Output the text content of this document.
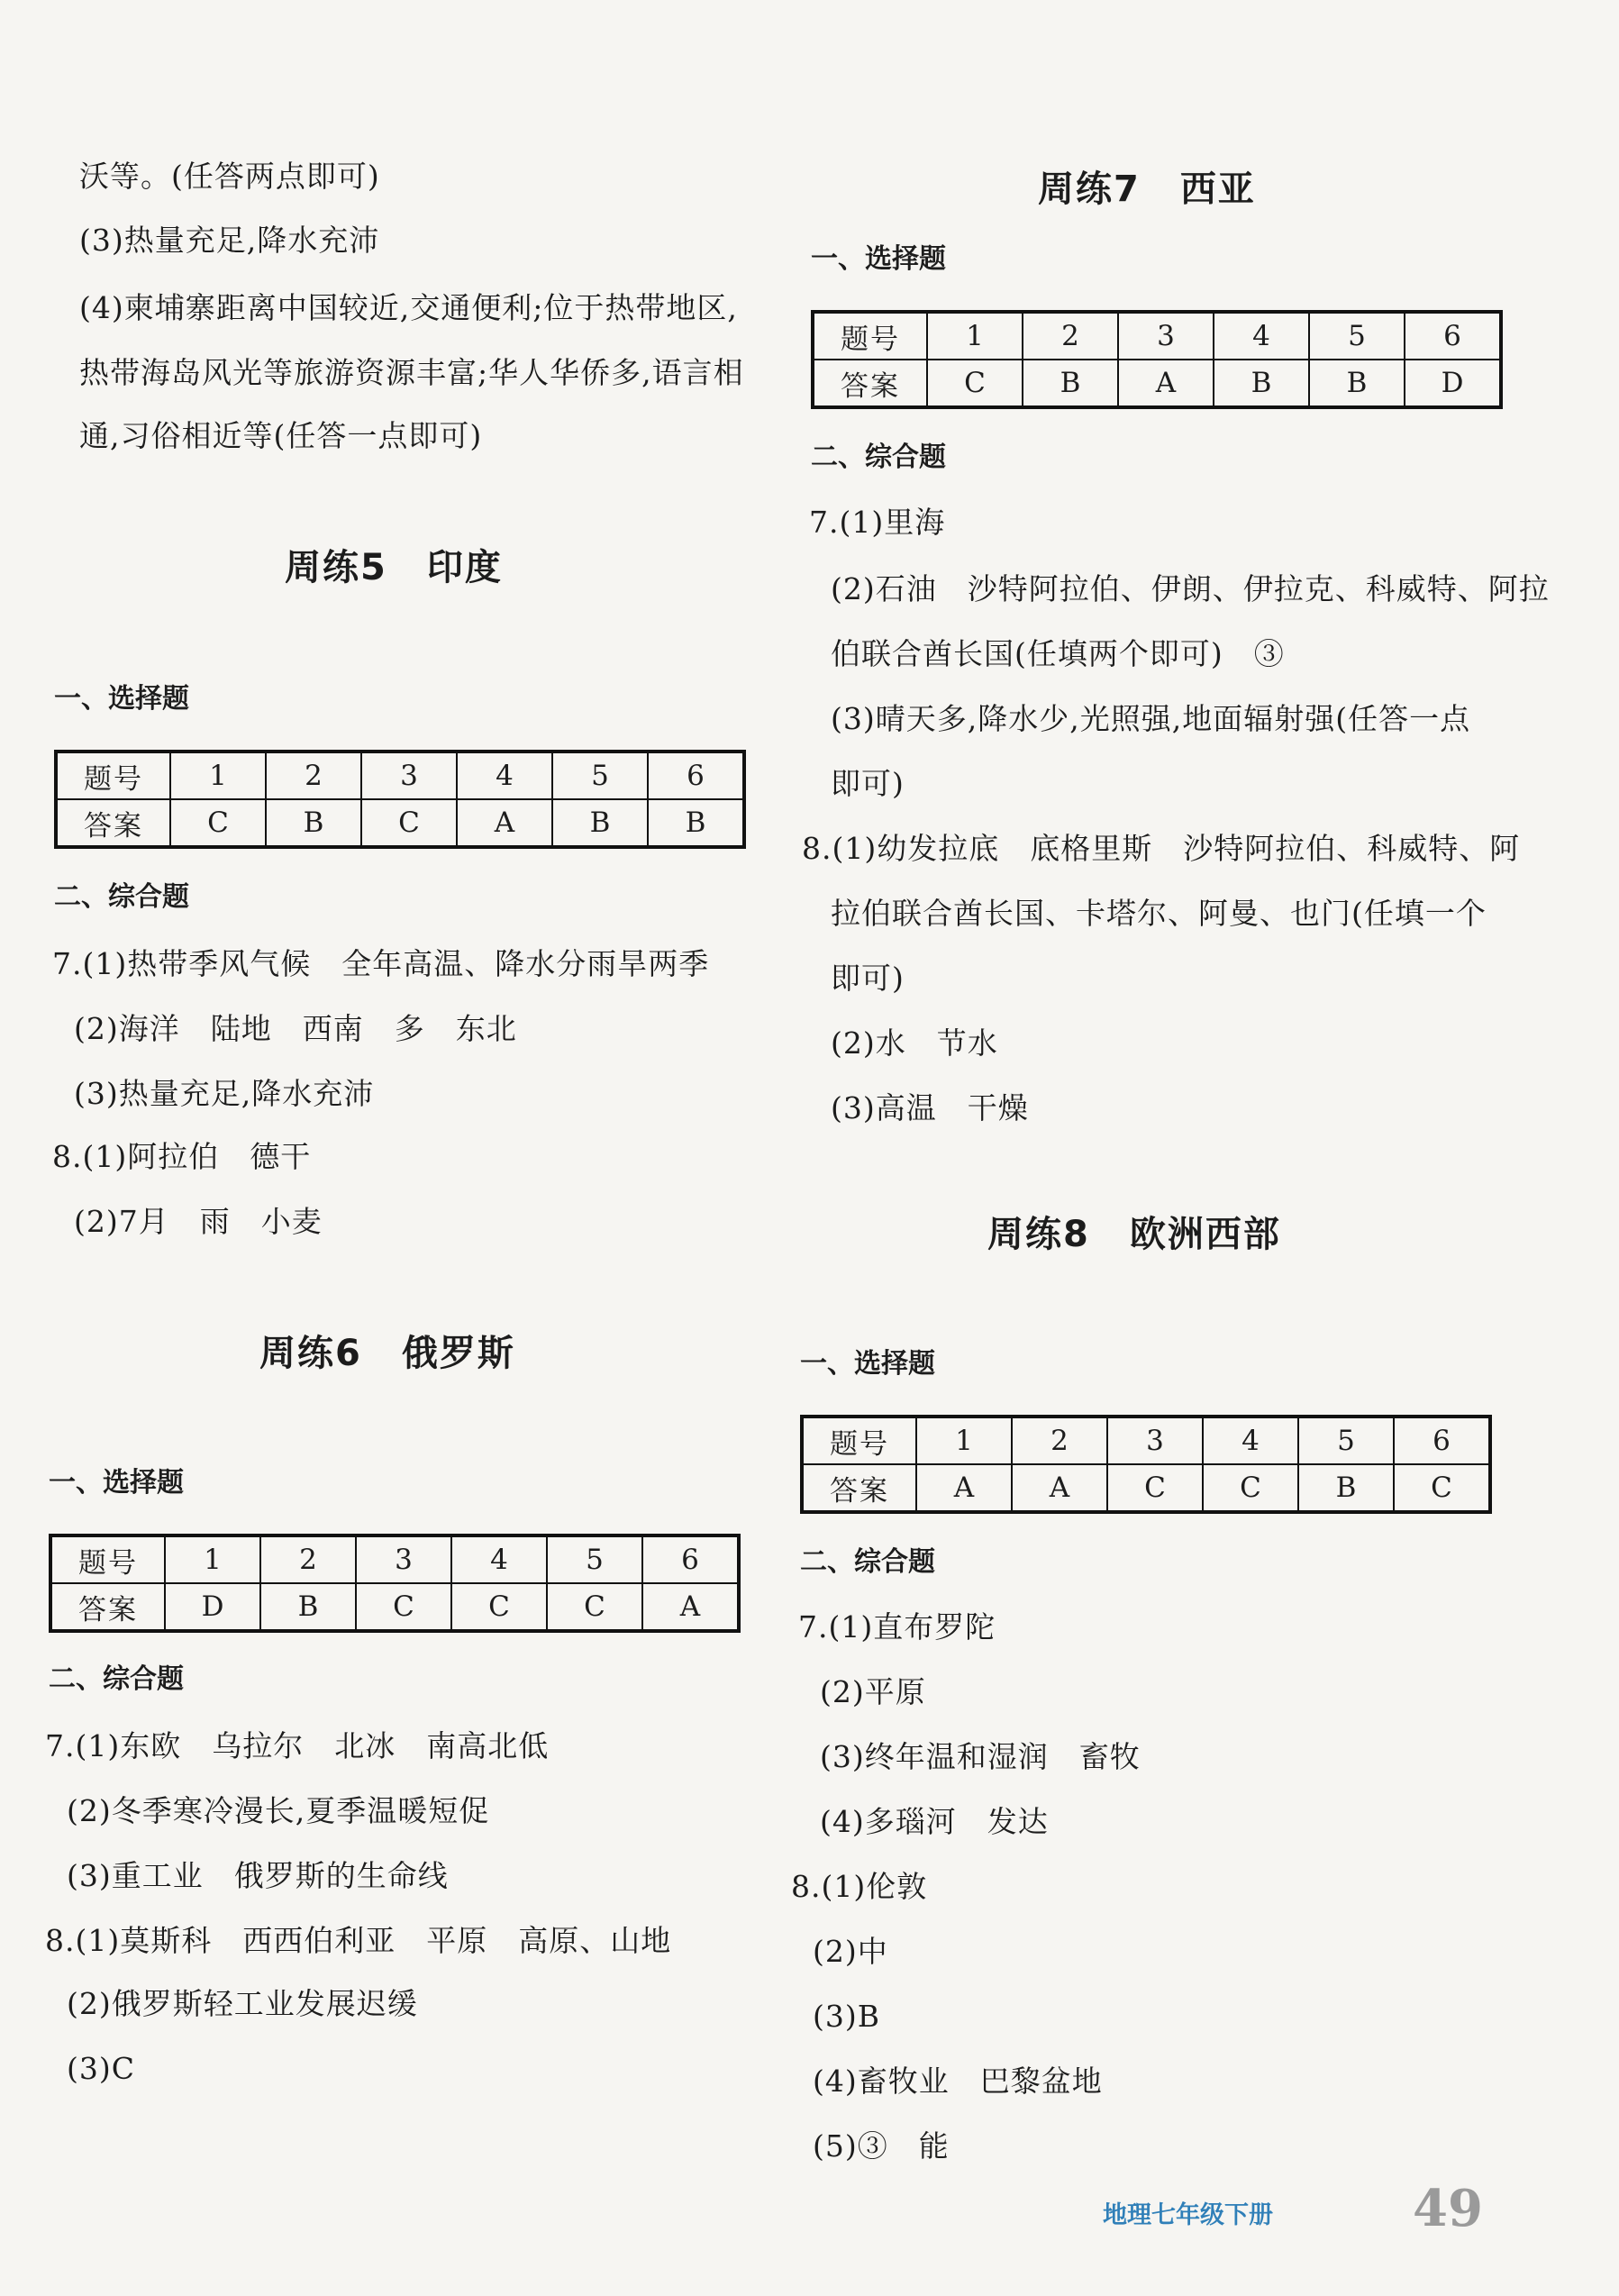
沃等。(任答两点即可)
(3)热量充足,降水充沛
(4)柬埔寨距离中国较近,交通便利;位于热带地区,
热带海岛风光等旅游资源丰富;华人华侨多,语言相
通,习俗相近等(任答一点即可)
周练5 印度
一、选择题
题号	1	2	3	4	5	6
答案	C	B	C	A	B	B
二、综合题
7.(1)热带季风气候　全年高温、降水分雨旱两季
(2)海洋　陆地　西南　多　东北
(3)热量充足,降水充沛
8.(1)阿拉伯　德干
(2)7月　雨　小麦
周练6 俄罗斯
一、选择题
题号	1	2	3	4	5	6
答案	D	B	C	C	C	A
二、综合题
7.(1)东欧　乌拉尔　北冰　南高北低
(2)冬季寒冷漫长,夏季温暖短促
(3)重工业　俄罗斯的生命线
8.(1)莫斯科　西西伯利亚　平原　高原、山地
(2)俄罗斯轻工业发展迟缓
(3)C
周练7 西亚
一、选择题
题号	1	2	3	4	5	6
答案	C	B	A	B	B	D
二、综合题
7.(1)里海
(2)石油　沙特阿拉伯、伊朗、伊拉克、科威特、阿拉
伯联合酋长国(任填两个即可)　③
(3)晴天多,降水少,光照强,地面辐射强(任答一点
即可)
8.(1)幼发拉底　底格里斯　沙特阿拉伯、科威特、阿
拉伯联合酋长国、卡塔尔、阿曼、也门(任填一个
即可)
(2)水　节水
(3)高温　干燥
周练8 欧洲西部
一、选择题
题号	1	2	3	4	5	6
答案	A	A	C	C	B	C
二、综合题
7.(1)直布罗陀
(2)平原
(3)终年温和湿润　畜牧
(4)多瑙河　发达
8.(1)伦敦
(2)中
(3)B
(4)畜牧业　巴黎盆地
(5)③　能
地理七年级下册	49
